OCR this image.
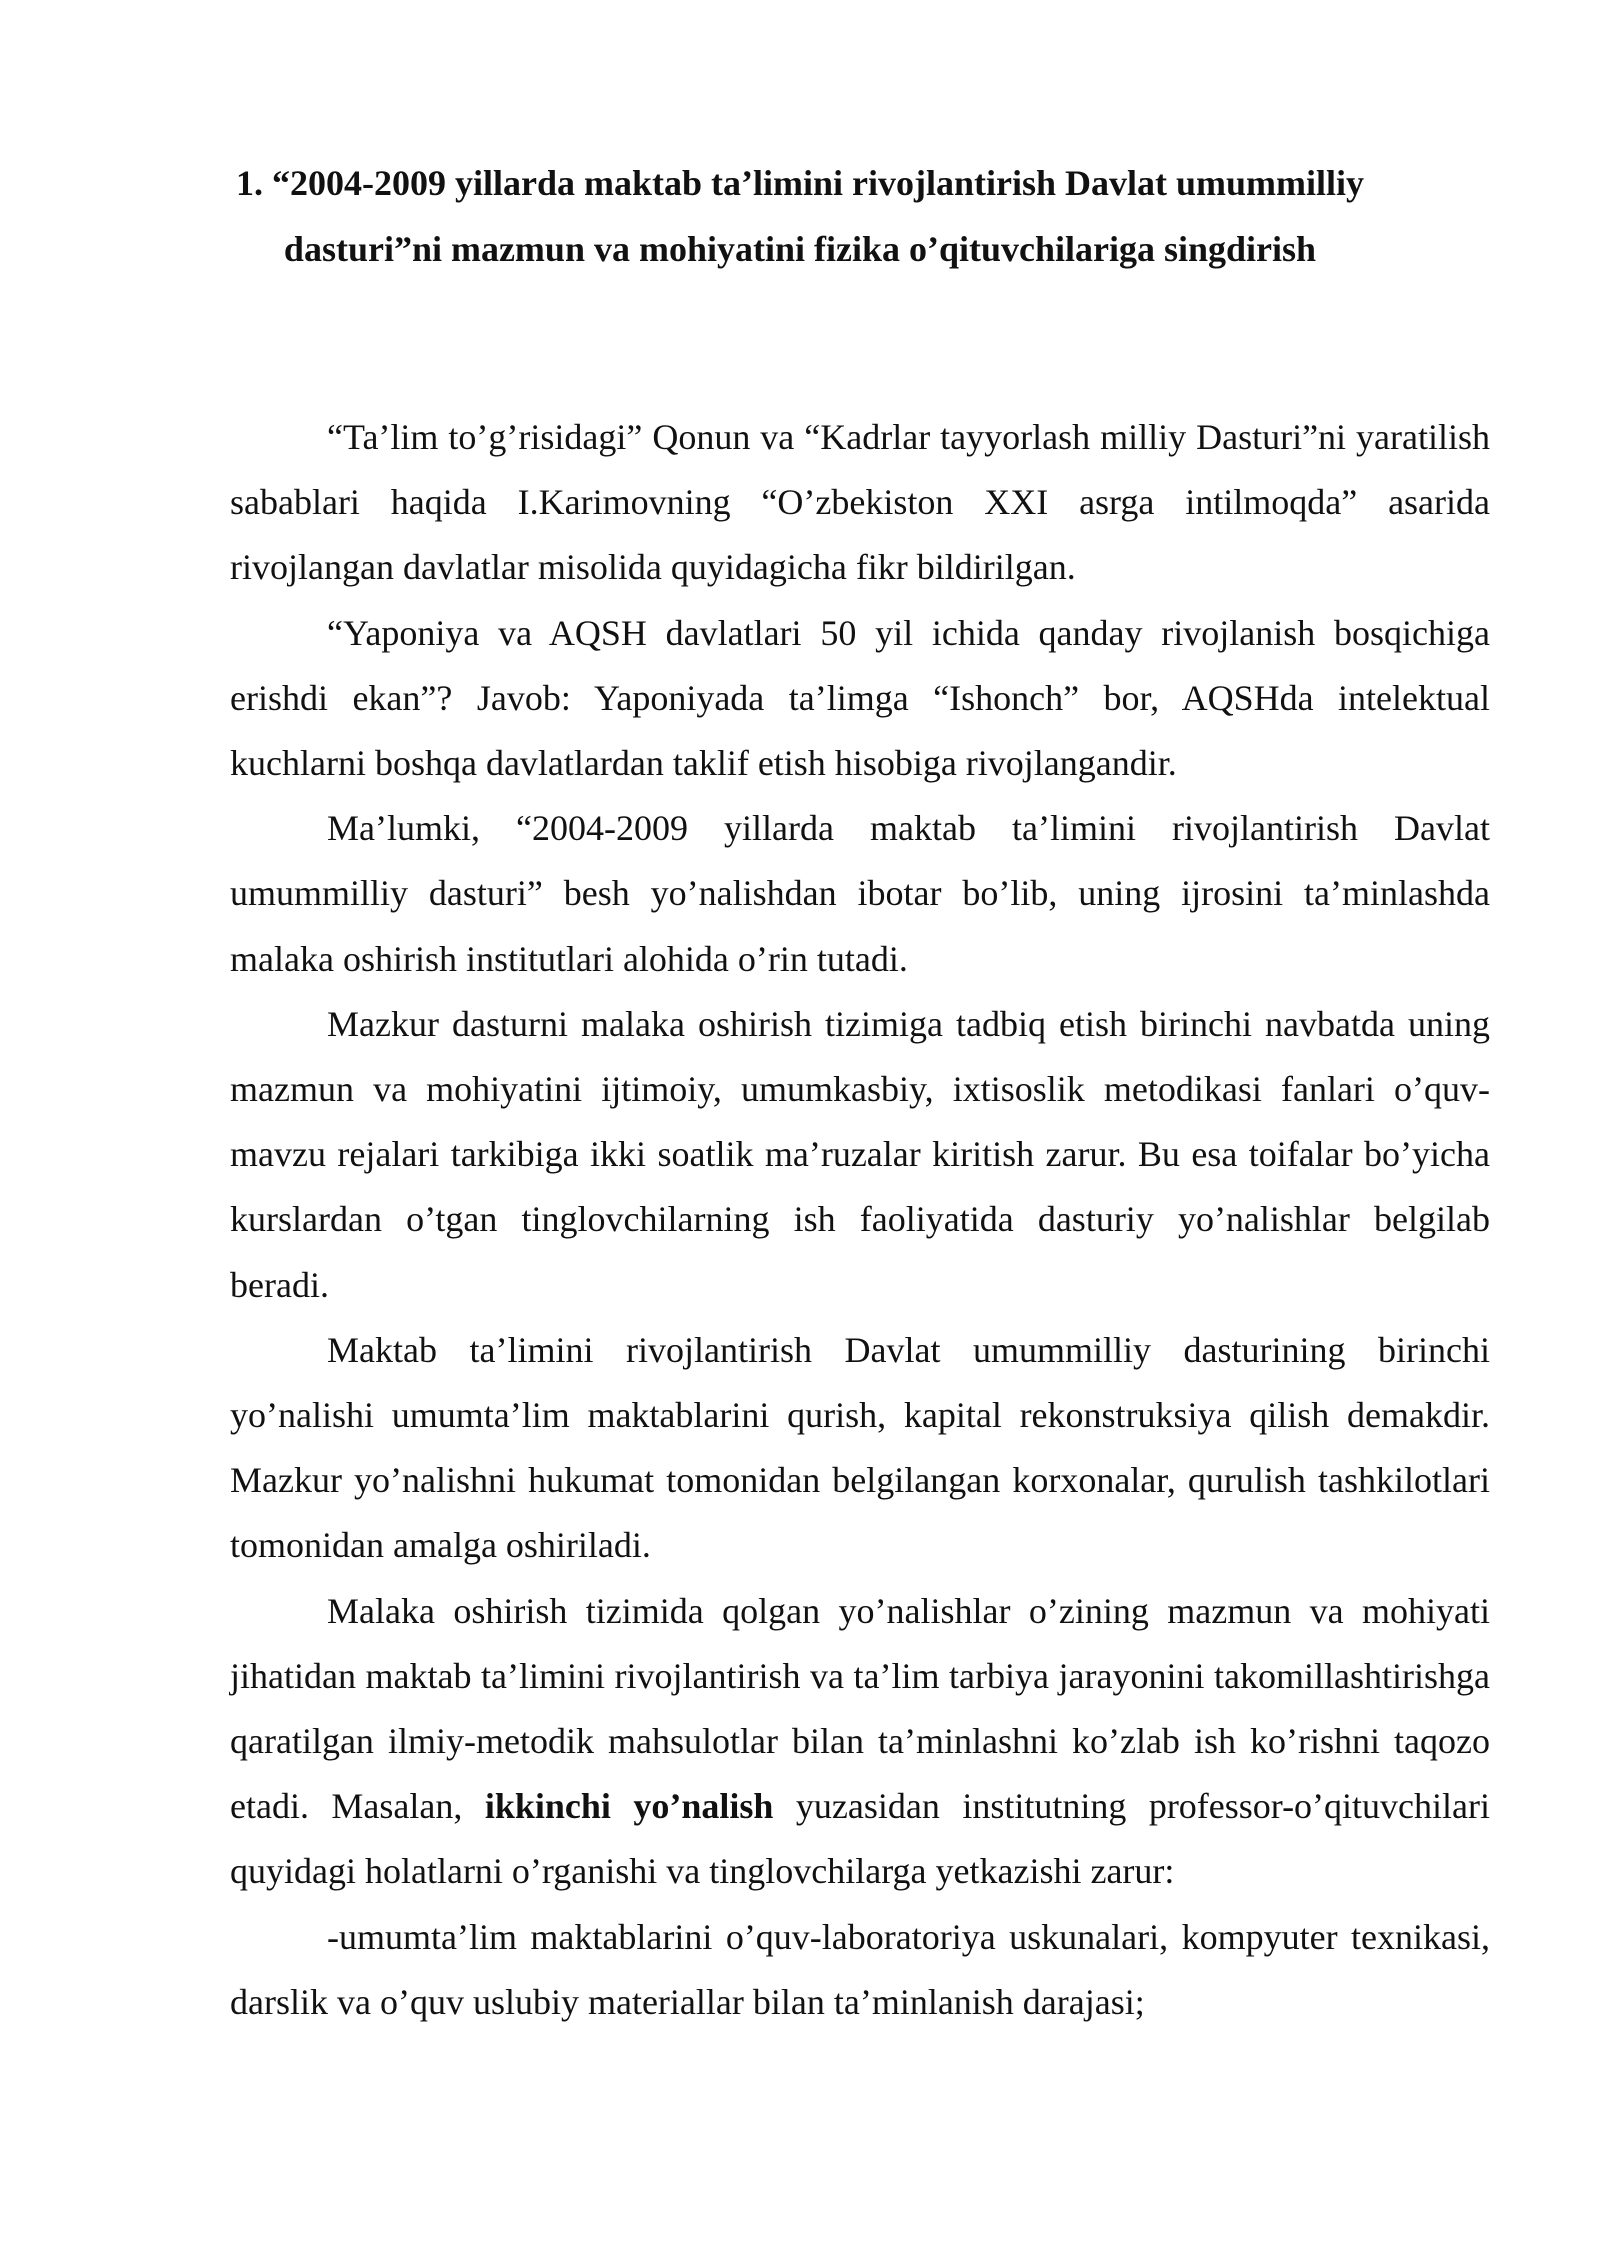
1. “2004-2009 yillarda maktab ta’limini rivojlantirish Davlat umummilliy dasturi”ni mazmun va mohiyatini fizika o’qituvchilariga singdirish

“Ta’lim to’g’risidagi” Qonun va “Kadrlar tayyorlash milliy Dasturi”ni yaratilish sabablari haqida I.Karimovning “O’zbekiston XXI asrga intilmoqda” asarida rivojlangan davlatlar misolida quyidagicha fikr bildirilgan.

“Yaponiya va AQSH davlatlari 50 yil ichida qanday rivojlanish bosqichiga erishdi ekan”? Javob: Yaponiyada ta’limga “Ishonch” bor, AQSHda intelektual kuchlarni boshqa davlatlardan taklif etish hisobiga rivojlangandir.

Ma’lumki, “2004-2009 yillarda maktab ta’limini rivojlantirish Davlat umummilliy dasturi” besh yo’nalishdan ibotar bo’lib, uning ijrosini ta’minlashda malaka oshirish institutlari alohida o’rin tutadi.

Mazkur dasturni malaka oshirish tizimiga tadbiq etish birinchi navbatda uning mazmun va mohiyatini ijtimoiy, umumkasbiy, ixtisoslik metodikasi fanlari o’quv-mavzu rejalari tarkibiga ikki soatlik ma’ruzalar kiritish zarur. Bu esa toifalar bo’yicha kurslardan o’tgan tinglovchilarning ish faoliyatida dasturiy yo’nalishlar belgilab beradi.

Maktab ta’limini rivojlantirish Davlat umummilliy dasturining birinchi yo’nalishi umumta’lim maktablarini qurish, kapital rekonstruksiya qilish demakdir. Mazkur yo’nalishni hukumat tomonidan belgilangan korxonalar, qurulish tashkilotlari tomonidan amalga oshiriladi.

Malaka oshirish tizimida qolgan yo’nalishlar o’zining mazmun va mohiyati jihatidan maktab ta’limini rivojlantirish va ta’lim tarbiya jarayonini takomillashtirishga qaratilgan ilmiy-metodik mahsulotlar bilan ta’minlashni ko’zlab ish ko’rishni taqozo etadi. Masalan, ikkinchi yo’nalish yuzasidan institutning professor-o’qituvchilari quyidagi holatlarni o’rganishi va tinglovchilarga yetkazishi zarur:

-umumta’lim maktablarini o’quv-laboratoriya uskunalari, kompyuter texnikasi, darslik va o’quv uslubiy materiallar bilan ta’minlanish darajasi;
